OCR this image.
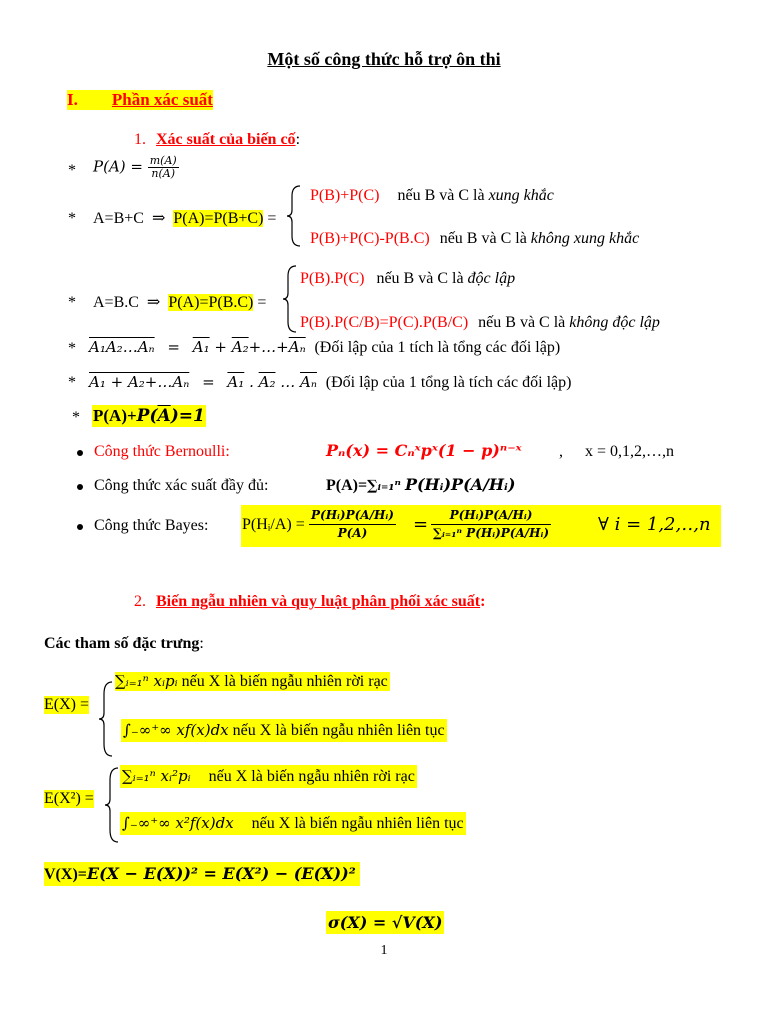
Một số công thức hỗ trợ ôn thi
I. Phần xác suất
1. Xác suất của biến cố:
* $P(A) = \frac{m(A)}{n(A)}$
* A=B+C ⇒ P(A)=P(B+C) =
P(B)+P(C) nếu B và C là xung khắc
P(B)+P(C)-P(B.C) nếu B và C là không xung khắc
* A=B.C ⇒ P(A)=P(B.C) =
P(B).P(C) nếu B và C là độc lập
P(B).P(C/B)=P(C).P(B/C) nếu B và C là không độc lập
* A₁A₂…Aₙ = $A_1 + A_2+\dots+\overline{A_n}$ (Đối lập của 1 tích là tổng các đối lập)
* A₁ + A₂+…Aₙ = A₁ . A₂ … $\overline{A_n}$ (Đối lập của 1 tổng là tích các đối lập)
* $P(A)+P(\overline{A})=1$
Công thức Bernoulli:	Pₙ(x) = Cₙˣpˣ(1 − p)ⁿ⁻ˣ , x = 0,1,2,…,n
Công thức xác suất đầy đủ:	P(A)=∑ᵢ₌₁ⁿ P(Hᵢ)P(A/Hᵢ)
Công thức Bayes: P(Hᵢ/A) = $\frac{\text{P(Hᵢ)P(A/Hᵢ)}}{P(A)} = \frac{\text{P(Hᵢ)P(A/Hᵢ)}}{\text{∑ᵢ₌₁ⁿ P(Hᵢ)P(A/Hᵢ)}}$	∀ i = 1,2,‥,n
2. Biến ngẫu nhiên và quy luật phân phối xác suất:
Các tham số đặc trưng:
E(X) =
∑ᵢ₌₁ⁿ xᵢpᵢ nếu X là biến ngẫu nhiên rời rạc
∫₋∞⁺∞ xf(x)dx nếu X là biến ngẫu nhiên liên tục
E(X²) =
∑ᵢ₌₁ⁿ xᵢ²pᵢ nếu X là biến ngẫu nhiên rời rạc
∫₋∞⁺∞ x²f(x)dx nếu X là biến ngẫu nhiên liên tục
V(X)=E(X − E(X))² = E(X²) − (E(X))²
σ(X) = √V(X)
1
